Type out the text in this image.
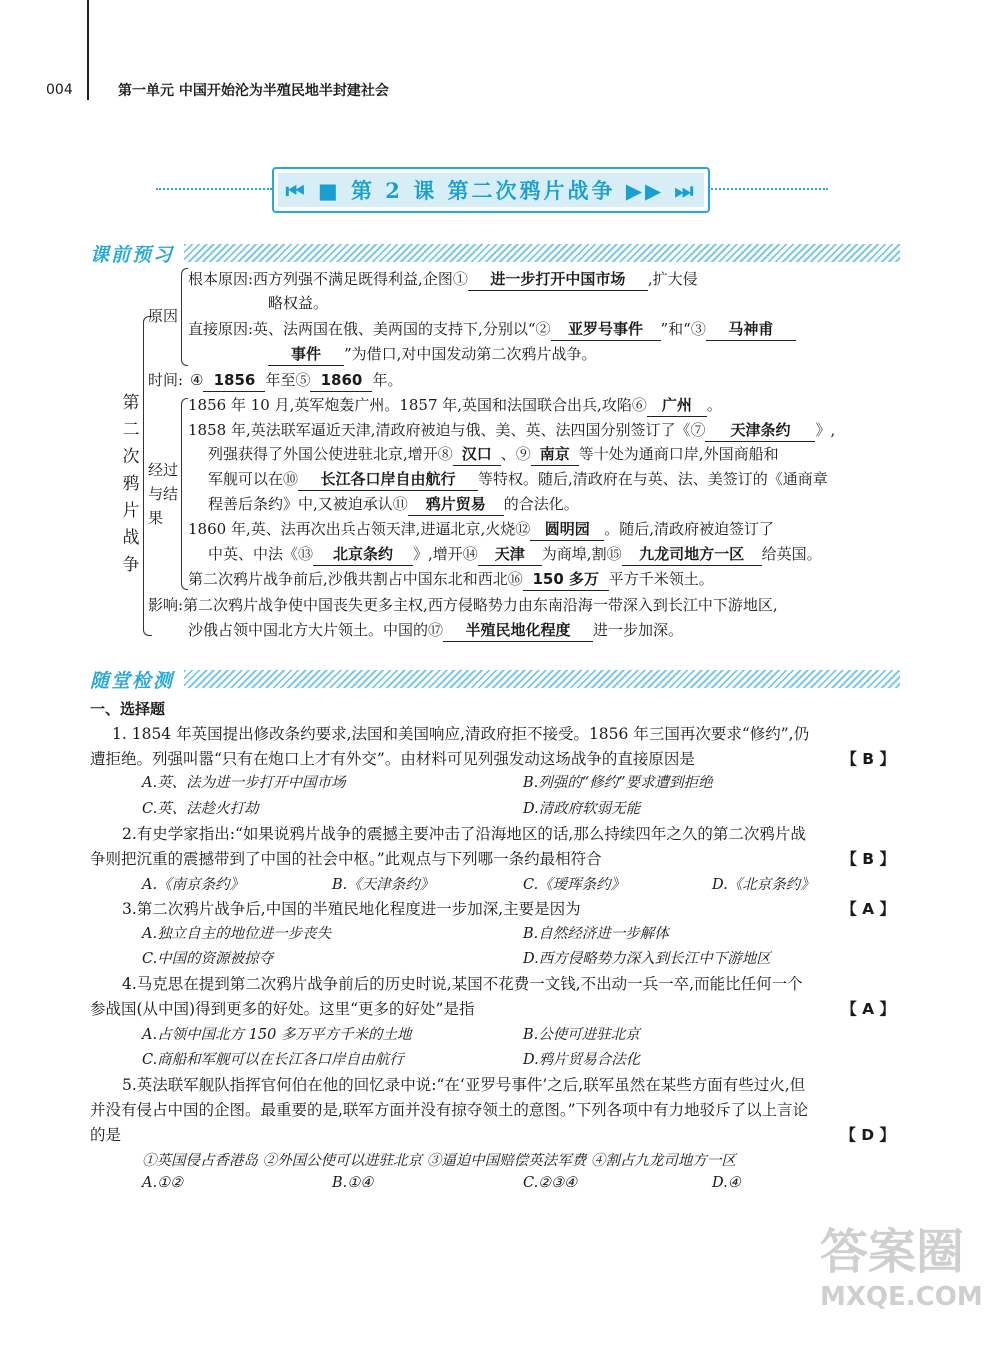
004	第一单元 中国开始沦为半殖民地半封建社会
⏮ ■ 第 2 课 第二次鸦片战争 ▶▶ ⏭
课前预习
第
二
次
鸦
片
战
争
原因
时间:
经过
与结
果
根本原因:西方列强不满足既得利益,企图① 进一步打开中国市场 ,扩大侵
略权益。
直接原因:英、法两国在俄、美两国的支持下,分别以“② 亚罗号事件 ”和“③ 马神甫
事件 ”为借口,对中国发动第二次鸦片战争。
④ 1856 年至⑤ 1860 年。
1856 年 10 月,英军炮轰广州。1857 年,英国和法国联合出兵,攻陷⑥ 广州 。
1858 年,英法联军逼近天津,清政府被迫与俄、美、英、法四国分别签订了《⑦ 天津条约 》,
列强获得了外国公使进驻北京,增开⑧ 汉口 、⑨ 南京 等十处为通商口岸,外国商船和
军舰可以在⑩ 长江各口岸自由航行 等特权。随后,清政府在与英、法、美签订的《通商章
程善后条约》中,又被迫承认⑪ 鸦片贸易 的合法化。
1860 年,英、法再次出兵占领天津,进逼北京,火烧⑫ 圆明园 。随后,清政府被迫签订了
中英、中法《⑬ 北京条约 》,增开⑭ 天津 为商埠,割⑮ 九龙司地方一区 给英国。
第二次鸦片战争前后,沙俄共割占中国东北和西北⑯ 150 多万 平方千米领土。
影响:第二次鸦片战争使中国丧失更多主权,西方侵略势力由东南沿海一带深入到长江中下游地区,
沙俄占领中国北方大片领土。中国的⑰ 半殖民地化程度 进一步加深。
随堂检测
一、选择题
1. 1854 年英国提出修改条约要求,法国和美国响应,清政府拒不接受。1856 年三国再次要求“修约”,仍
遭拒绝。列强叫嚣“只有在炮口上才有外交”。由材料可见列强发动这场战争的直接原因是	【 B 】
A.英、法为进一步打开中国市场	B.列强的“修约”要求遭到拒绝
C.英、法趁火打劫	D.清政府软弱无能
2.有史学家指出:“如果说鸦片战争的震撼主要冲击了沿海地区的话,那么持续四年之久的第二次鸦片战
争则把沉重的震撼带到了中国的社会中枢。”此观点与下列哪一条约最相符合	【 B 】
A.《南京条约》	B.《天津条约》	C.《瑷珲条约》	D.《北京条约》
3.第二次鸦片战争后,中国的半殖民地化程度进一步加深,主要是因为	【 A 】
A.独立自主的地位进一步丧失	B.自然经济进一步解体
C.中国的资源被掠夺	D.西方侵略势力深入到长江中下游地区
4.马克思在提到第二次鸦片战争前后的历史时说,某国不花费一文钱,不出动一兵一卒,而能比任何一个
参战国(从中国)得到更多的好处。这里“更多的好处”是指	【 A 】
A.占领中国北方 150 多万平方千米的土地	B.公使可进驻北京
C.商船和军舰可以在长江各口岸自由航行	D.鸦片贸易合法化
5.英法联军舰队指挥官何伯在他的回忆录中说:“在‘亚罗号事件’之后,联军虽然在某些方面有些过火,但
并没有侵占中国的企图。最重要的是,联军方面并没有掠夺领土的意图。”下列各项中有力地驳斥了以上言论
的是	【 D 】
①英国侵占香港岛 ②外国公使可以进驻北京 ③逼迫中国赔偿英法军费 ④割占九龙司地方一区
A.①②	B.①④	C.②③④	D.④
答案圈
MXQE.COM
